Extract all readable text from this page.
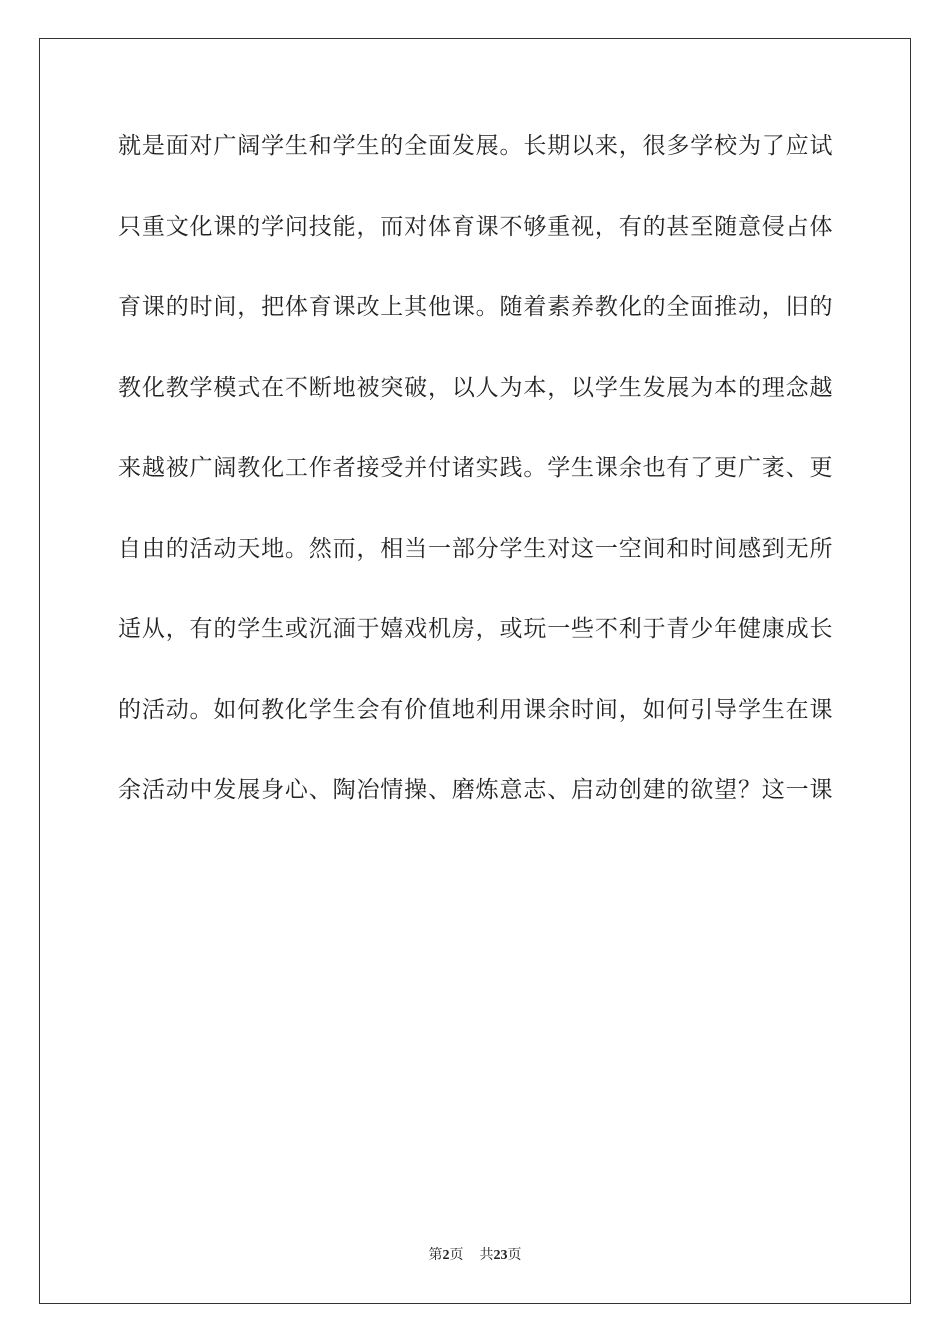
就是面对广阔学生和学生的全面发展。长期以来，很多学校为了应试
只重文化课的学问技能，而对体育课不够重视，有的甚至随意侵占体
育课的时间，把体育课改上其他课。随着素养教化的全面推动，旧的
教化教学模式在不断地被突破，以人为本，以学生发展为本的理念越
来越被广阔教化工作者接受并付诸实践。学生课余也有了更广袤、更
自由的活动天地。然而，相当一部分学生对这一空间和时间感到无所
适从，有的学生或沉湎于嬉戏机房，或玩一些不利于青少年健康成长
的活动。如何教化学生会有价值地利用课余时间，如何引导学生在课
余活动中发展身心、陶冶情操、磨炼意志、启动创建的欲望？这一课
第2页 共23页
